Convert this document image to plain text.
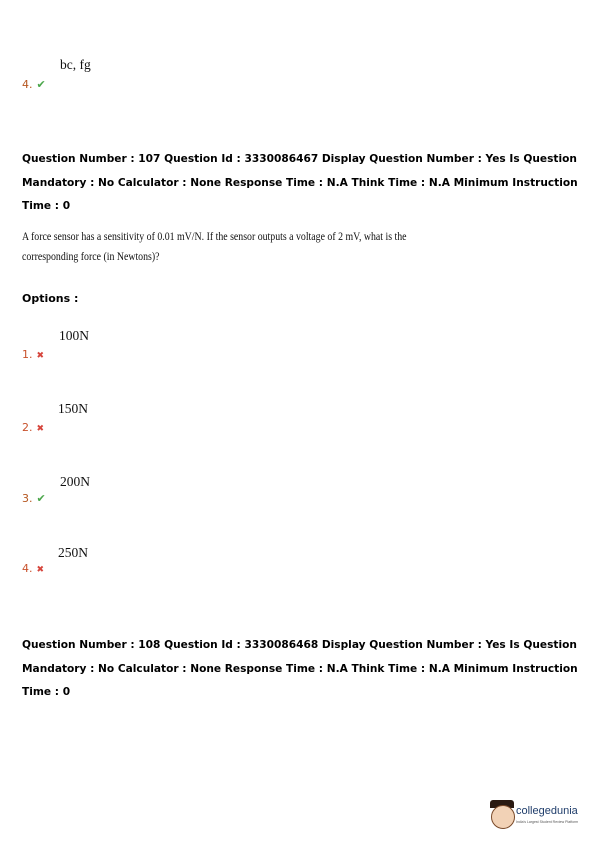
4. ✔
bc, fg
Question Number : 107 Question Id : 3330086467 Display Question Number : Yes Is Question Mandatory : No Calculator : None Response Time : N.A Think Time : N.A Minimum Instruction Time : 0
A force sensor has a sensitivity of 0.01 mV/N. If the sensor outputs a voltage of 2 mV, what is the
corresponding force (in Newtons)?
Options :
100N
1. ✖
150N
2. ✖
200N
3. ✔
250N
4. ✖
Question Number : 108 Question Id : 3330086468 Display Question Number : Yes Is Question Mandatory : No Calculator : None Response Time : N.A Think Time : N.A Minimum Instruction Time : 0
collegedunia
India's Largest Student Review Platform
